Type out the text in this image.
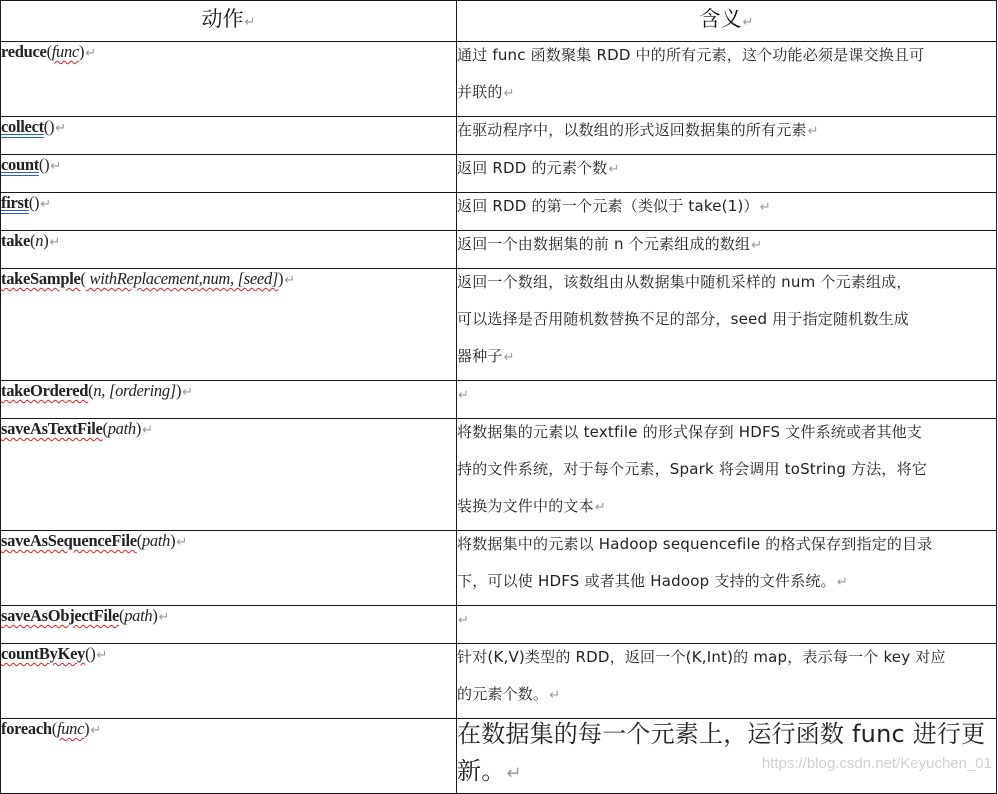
动作↵	含义↵
reduce(func)↵	通过 func 函数聚集 RDD 中的所有元素，这个功能必须是课交换且可
并联的↵

collect()↵	在驱动程序中，以数组的形式返回数据集的所有元素↵

count()↵	返回 RDD 的元素个数↵

first()↵	返回 RDD 的第一个元素（类似于 take(1)）↵

take(n)↵	返回一个由数据集的前 n 个元素组成的数组↵

takeSample( withReplacement,num, [seed])↵	返回一个数组，该数组由从数据集中随机采样的 num 个元素组成，
可以选择是否用随机数替换不足的部分，seed 用于指定随机数生成
器种子↵

takeOrdered(n, [ordering])↵	↵

saveAsTextFile(path)↵	将数据集的元素以 textfile 的形式保存到 HDFS 文件系统或者其他支
持的文件系统，对于每个元素，Spark 将会调用 toString 方法，将它
装换为文件中的文本↵

saveAsSequenceFile(path)↵	将数据集中的元素以 Hadoop sequencefile 的格式保存到指定的目录
下，可以使 HDFS 或者其他 Hadoop 支持的文件系统。↵

saveAsObjectFile(path)↵	↵

countByKey()↵	针对(K,V)类型的 RDD，返回一个(K,Int)的 map，表示每一个 key 对应
的元素个数。↵

foreach(func)↵	在数据集的每一个元素上，运行函数 func 进行更
新。↵	https://blog.csdn.net/Keyuchen_01
